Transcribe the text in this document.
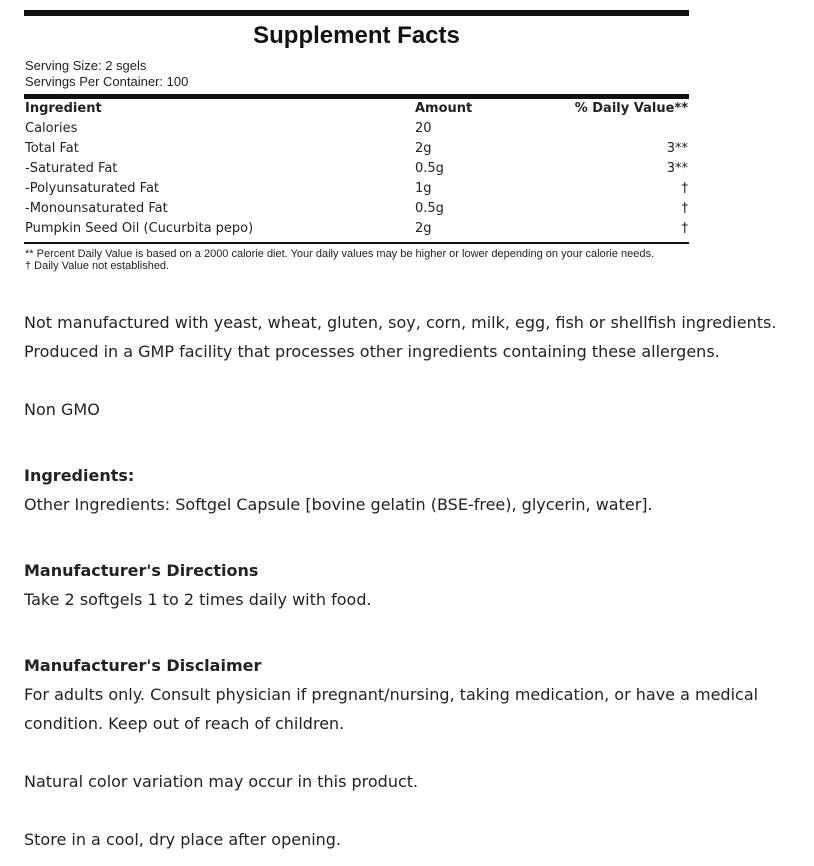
Supplement Facts
Serving Size: 2 sgels
Servings Per Container: 100
Ingredient	Amount	% Daily Value**
Calories	20	
Total Fat	2g	3**
-Saturated Fat	0.5g	3**
-Polyunsaturated Fat	1g	†
-Monounsaturated Fat	0.5g	†
Pumpkin Seed Oil (Cucurbita pepo)	2g	†
** Percent Daily Value is based on a 2000 calorie diet. Your daily values may be higher or lower depending on your calorie needs.
† Daily Value not established.

Not manufactured with yeast, wheat, gluten, soy, corn, milk, egg, fish or shellfish ingredients. Produced in a GMP facility that processes other ingredients containing these allergens.

Non GMO

Ingredients:

Other Ingredients: Softgel Capsule [bovine gelatin (BSE-free), glycerin, water].

Manufacturer's Directions

Take 2 softgels 1 to 2 times daily with food.

Manufacturer's Disclaimer

For adults only. Consult physician if pregnant/nursing, taking medication, or have a medical condition. Keep out of reach of children.

Natural color variation may occur in this product.

Store in a cool, dry place after opening.
